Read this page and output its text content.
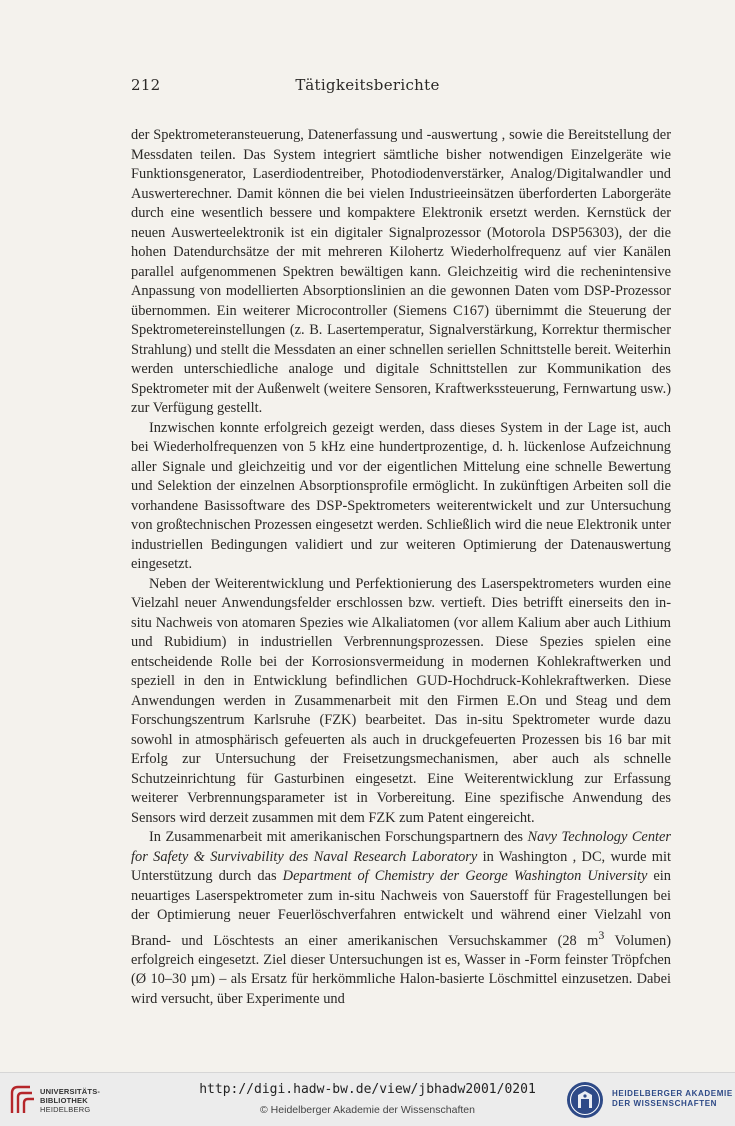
212	Tätigkeitsberichte

der Spektrometeransteuerung, Datenerfassung und -auswertung , sowie die Bereitstellung der Messdaten teilen. Das System integriert sämtliche bisher notwendigen Einzelgeräte wie Funktionsgenerator, Laserdiodentreiber, Photodiodenverstärker, Analog/Digitalwandler und Auswerterechner. Damit können die bei vielen Industrieeinsätzen überforderten Laborgeräte durch eine wesentlich bessere und kompaktere Elektronik ersetzt werden. Kernstück der neuen Auswerteelektronik ist ein digitaler Signalprozessor (Motorola DSP56303), der die hohen Datendurchsätze der mit mehreren Kilohertz Wiederholfrequenz auf vier Kanälen parallel aufgenommenen Spektren bewältigen kann. Gleichzeitig wird die rechenintensive Anpassung von modellierten Absorptionslinien an die gewonnen Daten vom DSP-Prozessor übernommen. Ein weiterer Microcontroller (Siemens C167) übernimmt die Steuerung der Spektrometereinstellungen (z. B. Lasertemperatur, Signalverstärkung, Korrektur thermischer Strahlung) und stellt die Messdaten an einer schnellen seriellen Schnittstelle bereit. Weiterhin werden unterschiedliche analoge und digitale Schnittstellen zur Kommunikation des Spektrometer mit der Außenwelt (weitere Sensoren, Kraftwerkssteuerung, Fernwartung usw.) zur Verfügung gestellt.

Inzwischen konnte erfolgreich gezeigt werden, dass dieses System in der Lage ist, auch bei Wiederholfrequenzen von 5 kHz eine hundertprozentige, d. h. lückenlose Aufzeichnung aller Signale und gleichzeitig und vor der eigentlichen Mittelung eine schnelle Bewertung und Selektion der einzelnen Absorptionsprofile ermöglicht. In zukünftigen Arbeiten soll die vorhandene Basissoftware des DSP-Spektrometers weiterentwickelt und zur Untersuchung von großtechnischen Prozessen eingesetzt werden. Schließlich wird die neue Elektronik unter industriellen Bedingungen validiert und zur weiteren Optimierung der Datenauswertung eingesetzt.

Neben der Weiterentwicklung und Perfektionierung des Laserspektrometers wurden eine Vielzahl neuer Anwendungsfelder erschlossen bzw. vertieft. Dies betrifft einerseits den in-situ Nachweis von atomaren Spezies wie Alkaliatomen (vor allem Kalium aber auch Lithium und Rubidium) in industriellen Verbrennungsprozessen. Diese Spezies spielen eine entscheidende Rolle bei der Korrosionsvermeidung in modernen Kohlekraftwerken und speziell in den in Entwicklung befindlichen GUD-Hochdruck-Kohlekraftwerken. Diese Anwendungen werden in Zusammenarbeit mit den Firmen E.On und Steag und dem Forschungszentrum Karlsruhe (FZK) bearbeitet. Das in-situ Spektrometer wurde dazu sowohl in atmosphärisch gefeuerten als auch in druckgefeuerten Prozessen bis 16 bar mit Erfolg zur Untersuchung der Freisetzungsmechanismen, aber auch als schnelle Schutzeinrichtung für Gasturbinen eingesetzt. Eine Weiterentwicklung zur Erfassung weiterer Verbrennungsparameter ist in Vorbereitung. Eine spezifische Anwendung des Sensors wird derzeit zusammen mit dem FZK zum Patent eingereicht.

In Zusammenarbeit mit amerikanischen Forschungspartnern des Navy Technology Center for Safety & Survivability des Naval Research Laboratory in Washington , DC, wurde mit Unterstützung durch das Department of Chemistry der George Washington University ein neuartiges Laserspektrometer zum in-situ Nachweis von Sauerstoff für Fragestellungen bei der Optimierung neuer Feuerlöschverfahren entwickelt und während einer Vielzahl von Brand- und Löschtests an einer amerikanischen Versuchskammer (28 $m^3$ Volumen) erfolgreich eingesetzt. Ziel dieser Untersuchungen ist es, Wasser in -Form feinster Tröpfchen (Ø 10–30 µm) – als Ersatz für herkömmliche Halon-basierte Löschmittel einzusetzen. Dabei wird versucht, über Experimente und

UNIVERSITÄTS-
BIBLIOTHEK
HEIDELBERG
http://digi.hadw-bw.de/view/jbhadw2001/0201
© Heidelberger Akademie der Wissenschaften
HEIDELBERGER AKADEMIE
DER WISSENSCHAFTEN
